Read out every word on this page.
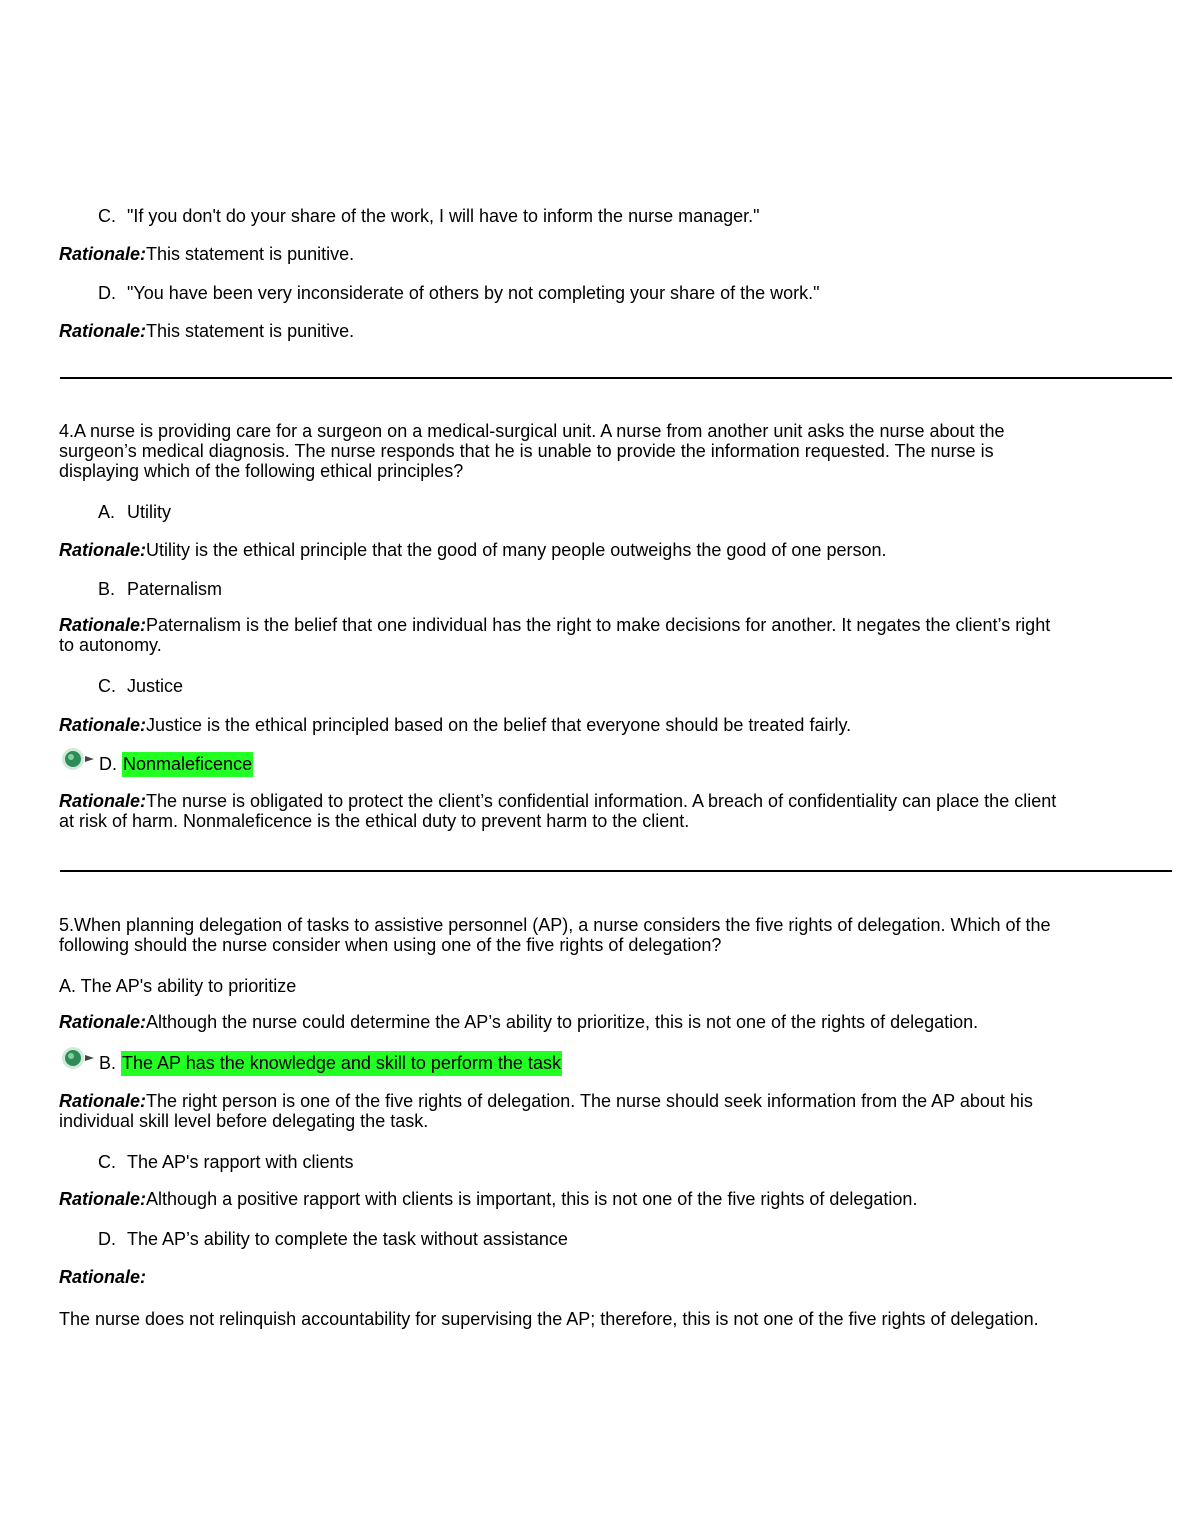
C. "If you don't do your share of the work, I will have to inform the nurse manager."
Rationale:This statement is punitive.
D. "You have been very inconsiderate of others by not completing your share of the work."
Rationale:This statement is punitive.
4.A nurse is providing care for a surgeon on a medical-surgical unit. A nurse from another unit asks the nurse about the surgeon’s medical diagnosis. The nurse responds that he is unable to provide the information requested. The nurse is displaying which of the following ethical principles?
A. Utility
Rationale:Utility is the ethical principle that the good of many people outweighs the good of one person.
B. Paternalism
Rationale:Paternalism is the belief that one individual has the right to make decisions for another. It negates the client’s right to autonomy.
C. Justice
Rationale:Justice is the ethical principled based on the belief that everyone should be treated fairly.
D. Nonmaleficence
Rationale:The nurse is obligated to protect the client’s confidential information. A breach of confidentiality can place the client at risk of harm. Nonmaleficence is the ethical duty to prevent harm to the client.
5.When planning delegation of tasks to assistive personnel (AP), a nurse considers the five rights of delegation. Which of the following should the nurse consider when using one of the five rights of delegation?
A. The AP's ability to prioritize
Rationale:Although the nurse could determine the AP’s ability to prioritize, this is not one of the rights of delegation.
B. The AP has the knowledge and skill to perform the task
Rationale:The right person is one of the five rights of delegation. The nurse should seek information from the AP about his individual skill level before delegating the task.
C. The AP's rapport with clients
Rationale:Although a positive rapport with clients is important, this is not one of the five rights of delegation.
D. The AP’s ability to complete the task without assistance
Rationale:
The nurse does not relinquish accountability for supervising the AP; therefore, this is not one of the five rights of delegation.
